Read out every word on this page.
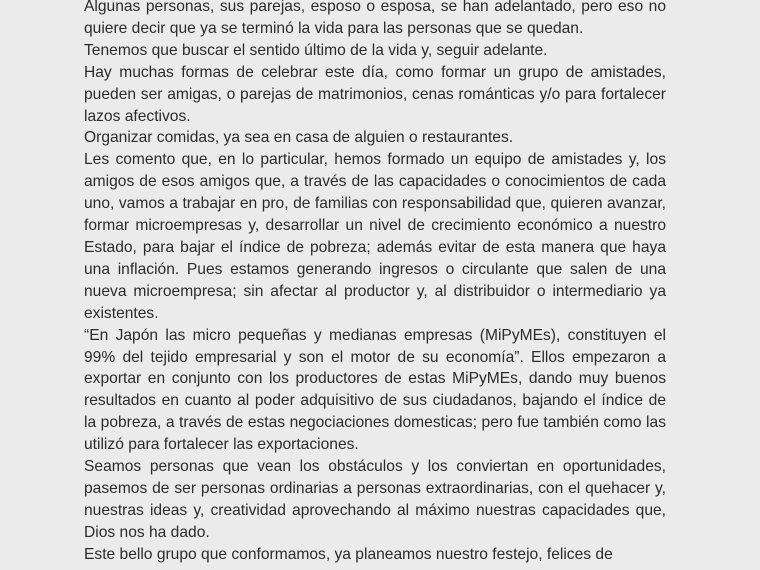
Algunas personas, sus parejas, esposo o esposa, se han adelantado, pero eso no quiere decir que ya se terminó la vida para las personas que se quedan.

Tenemos que buscar el sentido último de la vida y, seguir adelante.

Hay muchas formas de celebrar este día, como formar un grupo de amistades, pueden ser amigas, o parejas de matrimonios, cenas románticas y/o para fortalecer lazos afectivos.

Organizar comidas, ya sea en casa de alguien o restaurantes.

Les comento que, en lo particular, hemos formado un equipo de amistades y, los amigos de esos amigos que, a través de las capacidades o conocimientos de cada uno, vamos a trabajar en pro, de familias con responsabilidad que, quieren avanzar, formar microempresas y, desarrollar un nivel de crecimiento económico a nuestro Estado, para bajar el índice de pobreza; además evitar de esta manera que haya una inflación. Pues estamos generando ingresos o circulante que salen de una nueva microempresa; sin afectar al productor y, al distribuidor o intermediario ya existentes.

“En Japón las micro pequeñas y medianas empresas (MiPyMEs), constituyen el 99% del tejido empresarial y son el motor de su economía”. Ellos empezaron a exportar en conjunto con los productores de estas MiPyMEs, dando muy buenos resultados en cuanto al poder adquisitivo de sus ciudadanos, bajando el índice de la pobreza, a través de estas negociaciones domesticas; pero fue también como las utilizó para fortalecer las exportaciones.

Seamos personas que vean los obstáculos y los conviertan en oportunidades, pasemos de ser personas ordinarias a personas extraordinarias, con el quehacer y, nuestras ideas y, creatividad aprovechando al máximo nuestras capacidades que, Dios nos ha dado.

Este bello grupo que conformamos, ya planeamos nuestro festejo, felices de
